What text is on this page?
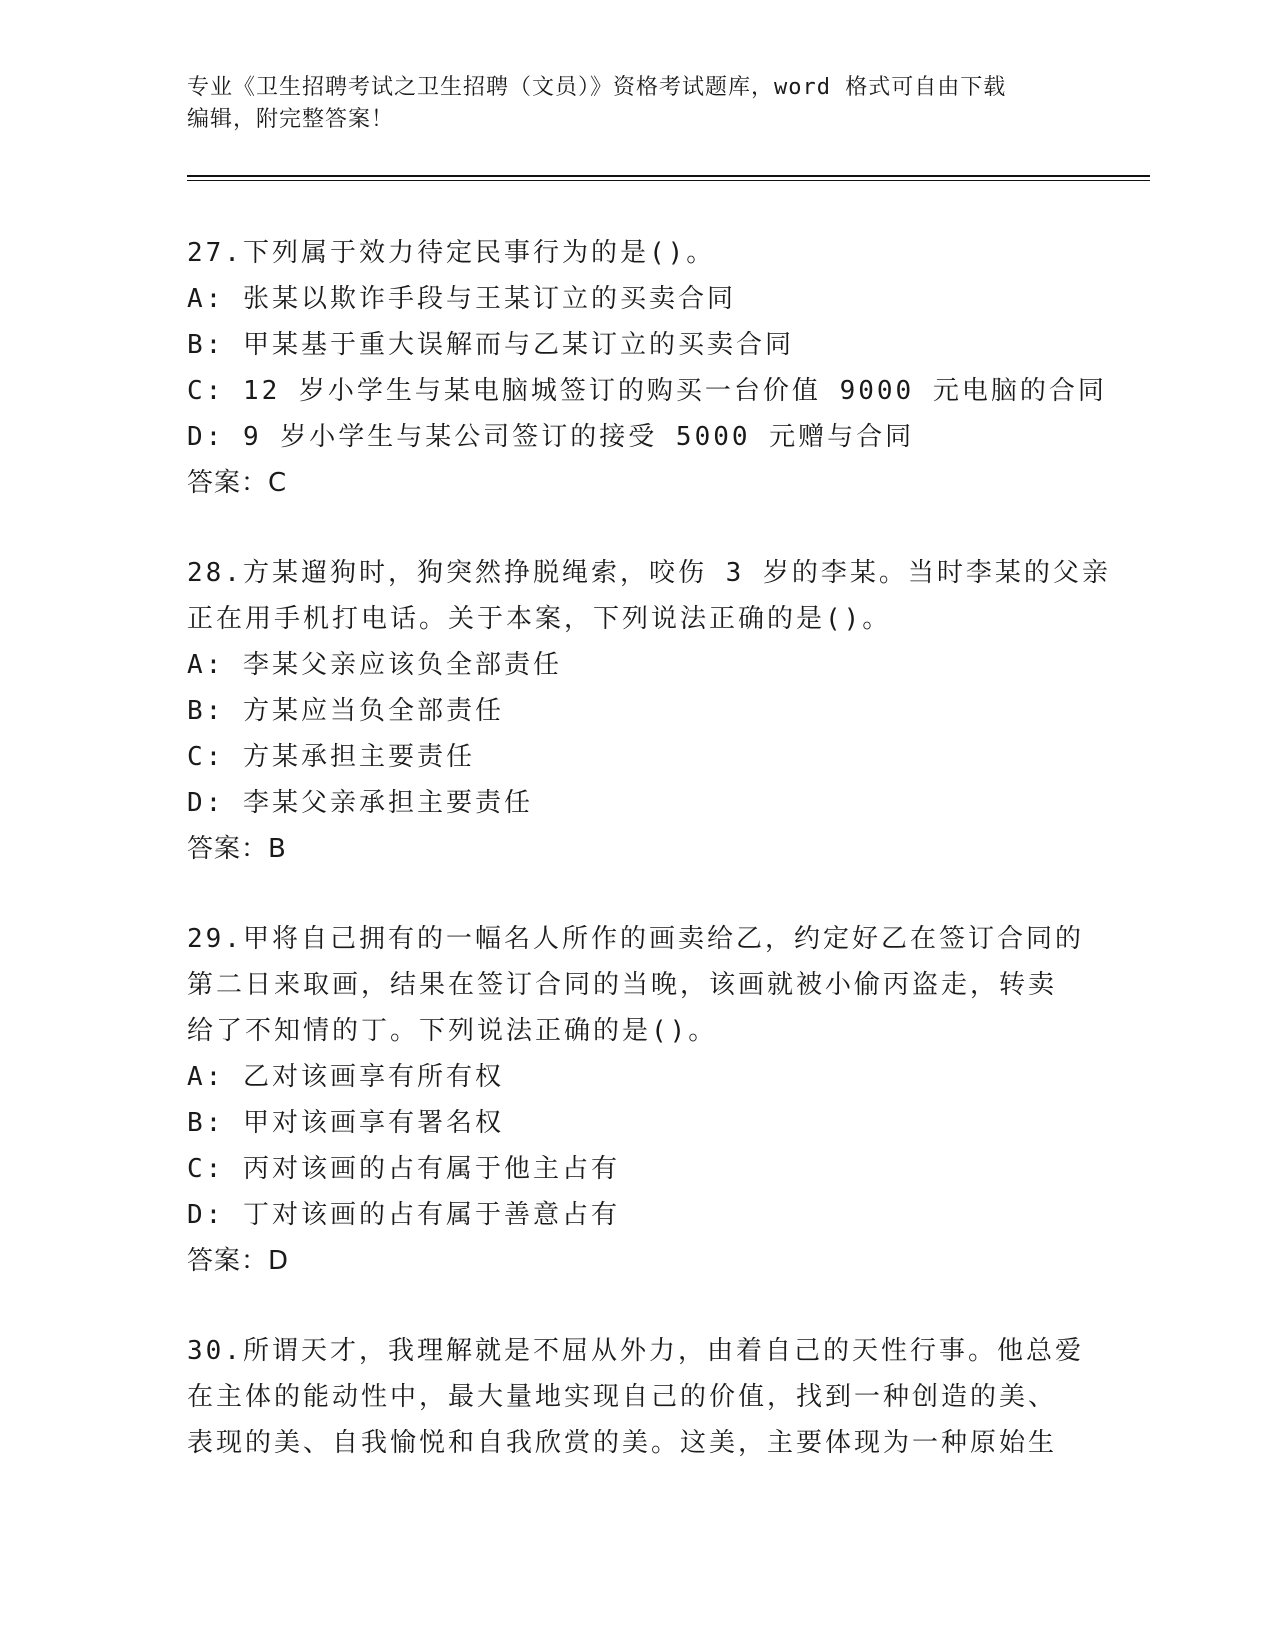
专业《卫生招聘考试之卫生招聘（文员）》资格考试题库，word 格式可自由下载
编辑，附完整答案！
27.下列属于效力待定民事行为的是()。
A: 张某以欺诈手段与王某订立的买卖合同
B: 甲某基于重大误解而与乙某订立的买卖合同
C: 12 岁小学生与某电脑城签订的购买一台价值 9000 元电脑的合同
D: 9 岁小学生与某公司签订的接受 5000 元赠与合同
答案：C
28.方某遛狗时，狗突然挣脱绳索，咬伤 3 岁的李某。当时李某的父亲
正在用手机打电话。关于本案，下列说法正确的是()。
A: 李某父亲应该负全部责任
B: 方某应当负全部责任
C: 方某承担主要责任
D: 李某父亲承担主要责任
答案：B
29.甲将自己拥有的一幅名人所作的画卖给乙，约定好乙在签订合同的
第二日来取画，结果在签订合同的当晚，该画就被小偷丙盗走，转卖
给了不知情的丁。下列说法正确的是()。
A: 乙对该画享有所有权
B: 甲对该画享有署名权
C: 丙对该画的占有属于他主占有
D: 丁对该画的占有属于善意占有
答案：D
30.所谓天才，我理解就是不屈从外力，由着自己的天性行事。他总爱
在主体的能动性中，最大量地实现自己的价值，找到一种创造的美、
表现的美、自我愉悦和自我欣赏的美。这美，主要体现为一种原始生
